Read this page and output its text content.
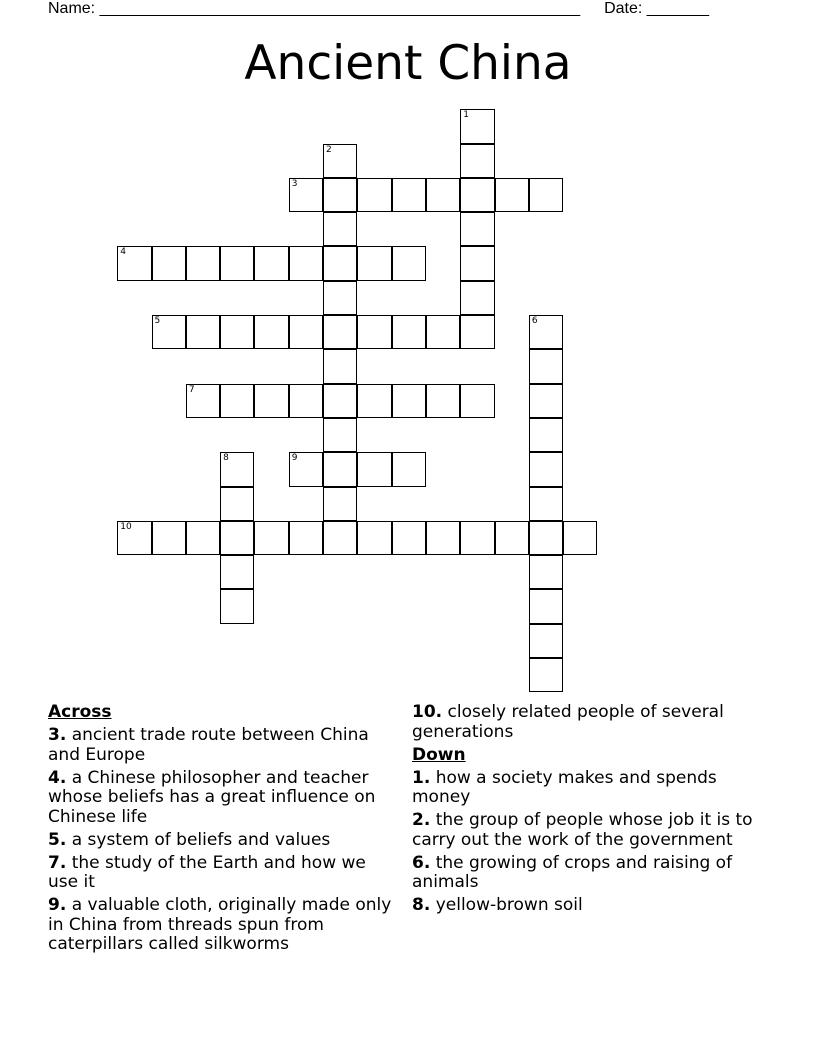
Name: ______________________________________________________ Date: _______
Ancient China
1
2
3
4
5	6
7
8	9
10
Across
3. ancient trade route between China and Europe
4. a Chinese philosopher and teacher whose beliefs has a great influence on Chinese life
5. a system of beliefs and values
7. the study of the Earth and how we use it
9. a valuable cloth, originally made only in China from threads spun from caterpillars called silkworms
10. closely related people of several generations
Down
1. how a society makes and spends money
2. the group of people whose job it is to carry out the work of the government
6. the growing of crops and raising of animals
8. yellow-brown soil
